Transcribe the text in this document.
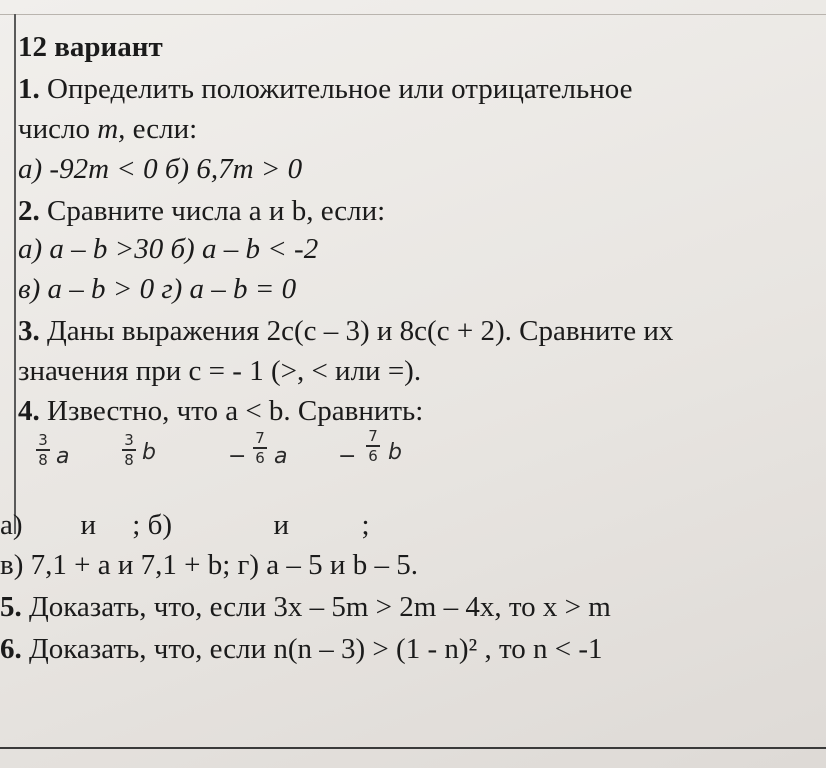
12 вариант
1. Определить положительное или отрицательное
число m, если:
а) -92m < 0 б) 6,7m > 0
2. Сравните числа a и b, если:
а) a – b >30 б) a – b < -2
в) a – b > 0 г) a – b = 0
3. Даны выражения 2c(c – 3) и 8c(c + 2). Сравните их
значения при c = - 1 (>, < или =).
4. Известно, что a < b. Сравнить:
3
8 a
3
8 b	−
7
6 a −
7
6 b
а)        и     ; б)              и          ;
в) 7,1 + a и 7,1 + b; г) a – 5 и b – 5.
5. Доказать, что, если 3x – 5m > 2m – 4x, то x > m
6. Доказать, что, если n(n – 3) > (1 - n)² , то n < -1
